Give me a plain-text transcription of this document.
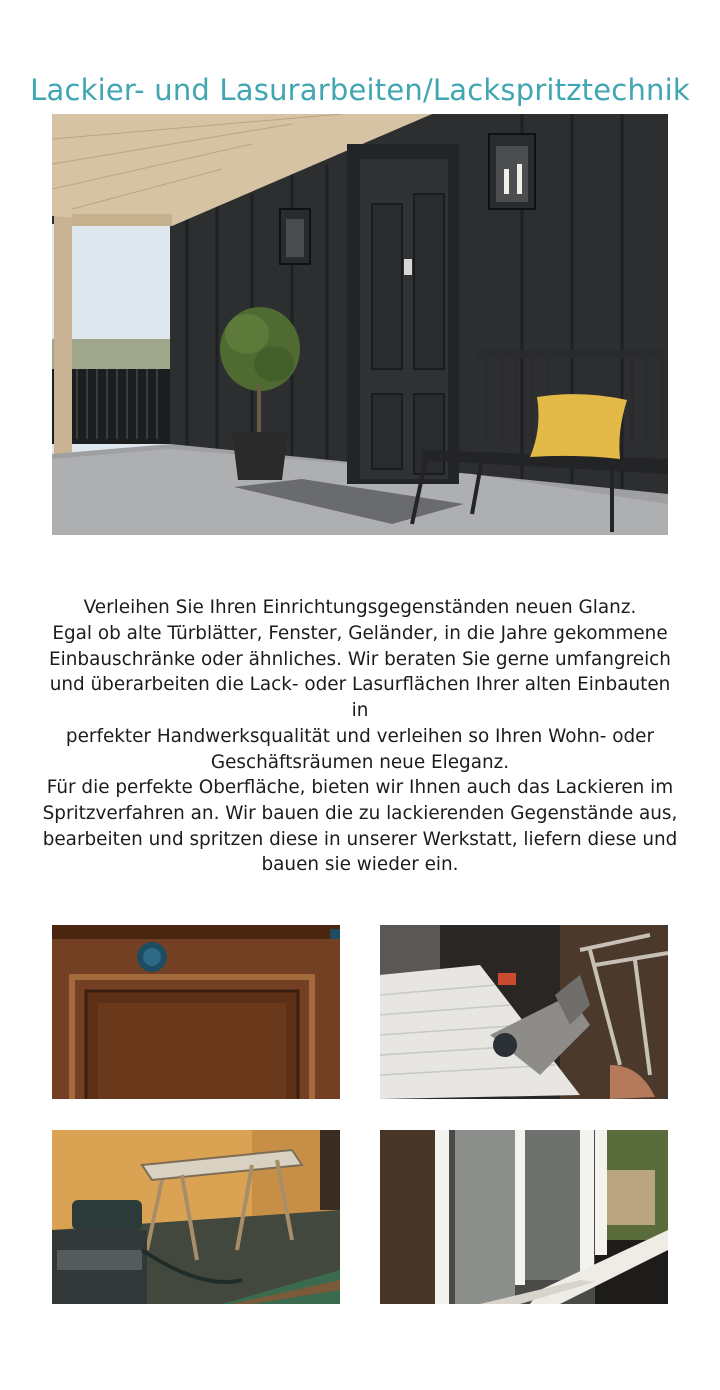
Lackier- und Lasurarbeiten/Lackspritztechnik

Verleihen Sie Ihren Einrichtungsgegenständen neuen Glanz.

Egal ob alte Türblätter, Fenster, Geländer, in die Jahre gekommene

Einbauschränke oder ähnliches. Wir beraten Sie gerne umfangreich

und überarbeiten die Lack- oder Lasurflächen Ihrer alten Einbauten in

perfekter Handwerksqualität und verleihen so Ihren Wohn- oder

Geschäftsräumen neue Eleganz.

Für die perfekte Oberfläche, bieten wir Ihnen auch das Lackieren im

Spritzverfahren an. Wir bauen die zu lackierenden Gegenstände aus,

bearbeiten und spritzen diese in unserer Werkstatt, liefern diese und

bauen sie wieder ein.
